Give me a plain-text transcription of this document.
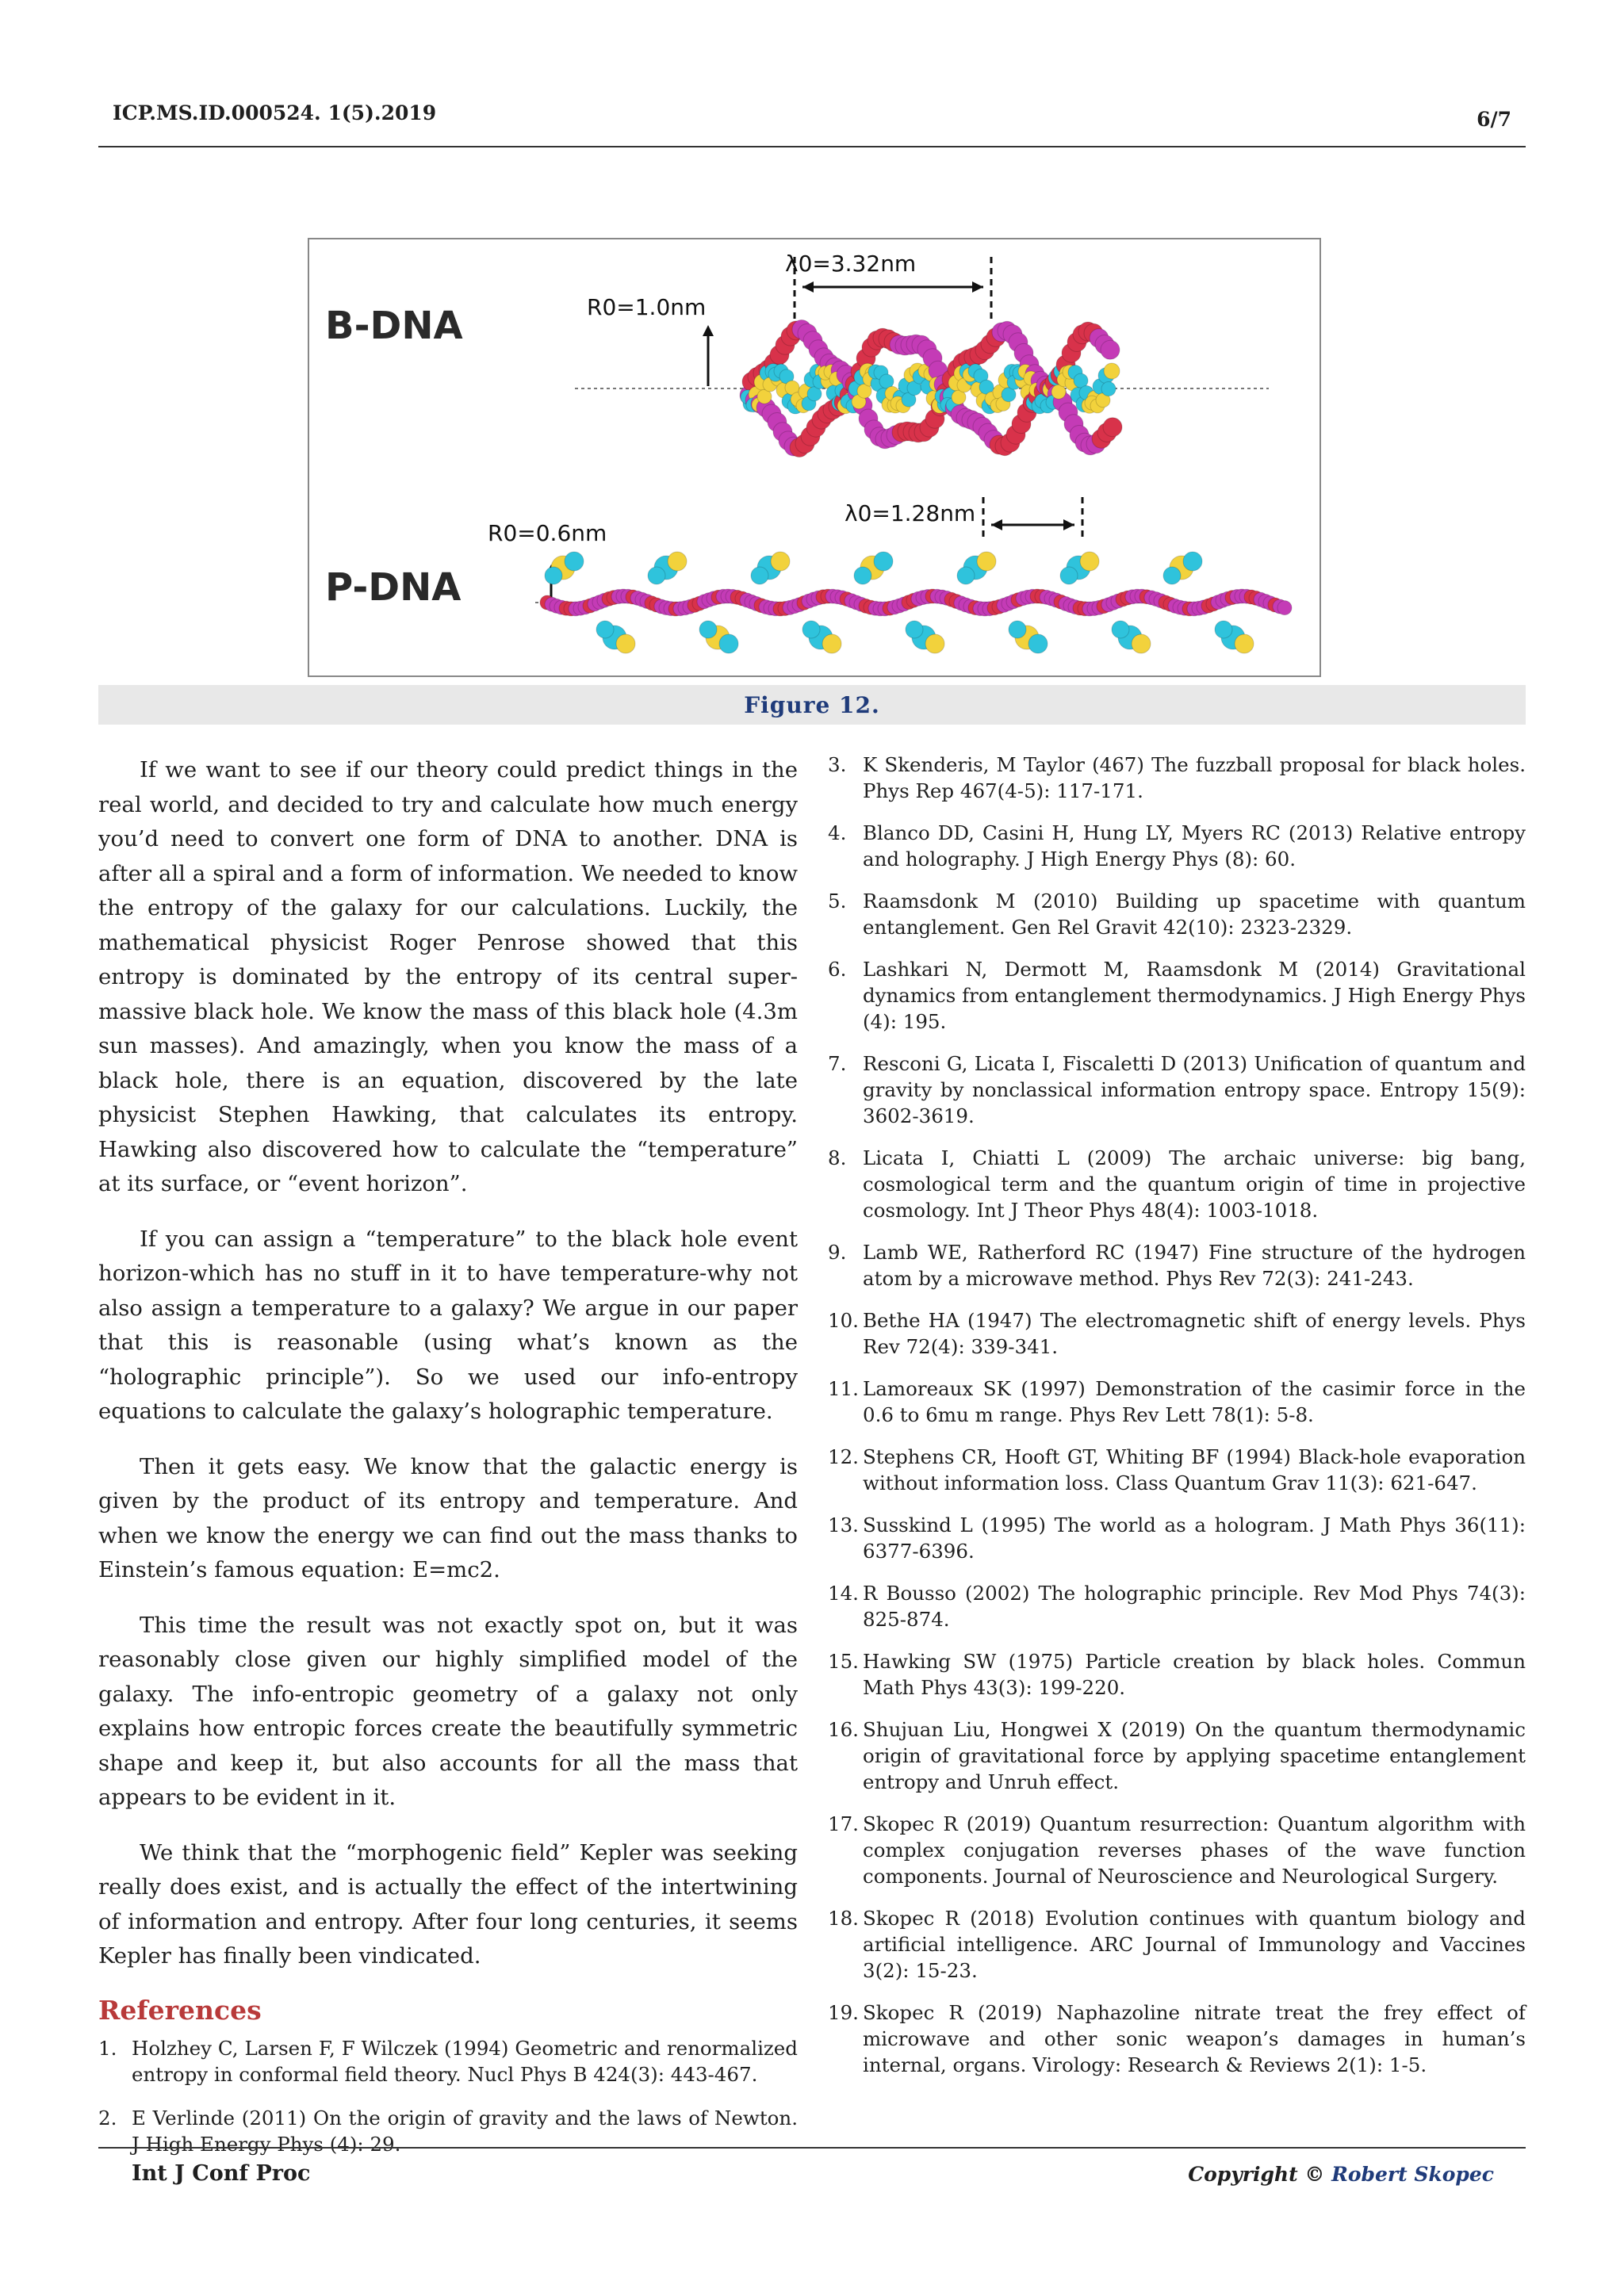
ICP.MS.ID.000524. 1(5).2019	6/7
B-DNA
P-DNA
R0=1.0nm
λ0=3.32nm
R0=0.6nm
λ0=1.28nm
Figure 12.

If we want to see if our theory could predict things in the real world, and decided to try and calculate how much energy you’d need to convert one form of DNA to another. DNA is after all a spiral and a form of information. We needed to know the entropy of the galaxy for our calculations. Luckily, the mathematical physicist Roger Penrose showed that this entropy is dominated by the entropy of its central super-massive black hole. We know the mass of this black hole (4.3m sun masses). And amazingly, when you know the mass of a black hole, there is an equation, discovered by the late physicist Stephen Hawking, that calculates its entropy. Hawking also discovered how to calculate the “temperature” at its surface, or “event horizon”.

If you can assign a “temperature” to the black hole event horizon-which has no stuff in it to have temperature-why not also assign a temperature to a galaxy? We argue in our paper that this is reasonable (using what’s known as the “holographic principle”). So we used our info-entropy equations to calculate the galaxy’s holographic temperature.

Then it gets easy. We know that the galactic energy is given by the product of its entropy and temperature. And when we know the energy we can find out the mass thanks to Einstein’s famous equation: E=mc2.

This time the result was not exactly spot on, but it was reasonably close given our highly simplified model of the galaxy. The info-entropic geometry of a galaxy not only explains how entropic forces create the beautifully symmetric shape and keep it, but also accounts for all the mass that appears to be evident in it.

We think that the “morphogenic field” Kepler was seeking really does exist, and is actually the effect of the intertwining of information and entropy. After four long centuries, it seems Kepler has finally been vindicated.

References
1. Holzhey C, Larsen F, F Wilczek (1994) Geometric and renormalized entropy in conformal field theory. Nucl Phys B 424(3): 443-467.
2. E Verlinde (2011) On the origin of gravity and the laws of Newton. J High Energy Phys (4): 29.
3. K Skenderis, M Taylor (467) The fuzzball proposal for black holes. Phys Rep 467(4-5): 117-171.
4. Blanco DD, Casini H, Hung LY, Myers RC (2013) Relative entropy and holography. J High Energy Phys (8): 60.
5. Raamsdonk M (2010) Building up spacetime with quantum entanglement. Gen Rel Gravit 42(10): 2323-2329.
6. Lashkari N, Dermott M, Raamsdonk M (2014) Gravitational dynamics from entanglement thermodynamics. J High Energy Phys (4): 195.
7. Resconi G, Licata I, Fiscaletti D (2013) Unification of quantum and gravity by nonclassical information entropy space. Entropy 15(9): 3602-3619.
8. Licata I, Chiatti L (2009) The archaic universe: big bang, cosmological term and the quantum origin of time in projective cosmology. Int J Theor Phys 48(4): 1003-1018.
9. Lamb WE, Ratherford RC (1947) Fine structure of the hydrogen atom by a microwave method. Phys Rev 72(3): 241-243.
10. Bethe HA (1947) The electromagnetic shift of energy levels. Phys Rev 72(4): 339-341.
11. Lamoreaux SK (1997) Demonstration of the casimir force in the 0.6 to 6mu m range. Phys Rev Lett 78(1): 5-8.
12. Stephens CR, Hooft GT, Whiting BF (1994) Black-hole evaporation without information loss. Class Quantum Grav 11(3): 621-647.
13. Susskind L (1995) The world as a hologram. J Math Phys 36(11): 6377-6396.
14. R Bousso (2002) The holographic principle. Rev Mod Phys 74(3): 825-874.
15. Hawking SW (1975) Particle creation by black holes. Commun Math Phys 43(3): 199-220.
16. Shujuan Liu, Hongwei X (2019) On the quantum thermodynamic origin of gravitational force by applying spacetime entanglement entropy and Unruh effect.
17. Skopec R (2019) Quantum resurrection: Quantum algorithm with complex conjugation reverses phases of the wave function components. Journal of Neuroscience and Neurological Surgery.
18. Skopec R (2018) Evolution continues with quantum biology and artificial intelligence. ARC Journal of Immunology and Vaccines 3(2): 15-23.
19. Skopec R (2019) Naphazoline nitrate treat the frey effect of microwave and other sonic weapon’s damages in human’s internal, organs. Virology: Research & Reviews 2(1): 1-5.
Int J Conf Proc	Copyright © Robert Skopec
